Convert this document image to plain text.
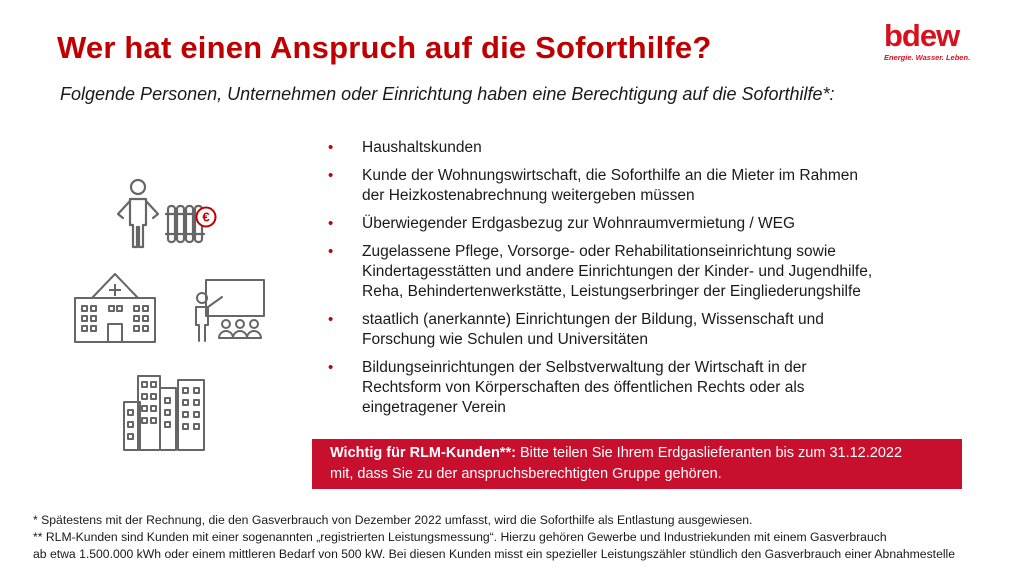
Wer hat einen Anspruch auf die Soforthilfe?	bdew
Energie. Wasser. Leben.
Folgende Personen, Unternehmen oder Einrichtung haben eine Berechtigung auf die Soforthilfe*:
€
• Haushaltskunden
• Kunde der Wohnungswirtschaft, die Soforthilfe an die Mieter im Rahmen
der Heizkostenabrechnung weitergeben müssen
• Überwiegender Erdgasbezug zur Wohnraumvermietung / WEG
• Zugelassene Pflege, Vorsorge- oder Rehabilitationseinrichtung sowie
Kindertagesstätten und andere Einrichtungen der Kinder- und Jugendhilfe,
Reha, Behindertenwerkstätte, Leistungserbringer der Eingliederungshilfe
• staatlich (anerkannte) Einrichtungen der Bildung, Wissenschaft und
Forschung wie Schulen und Universitäten
• Bildungseinrichtungen der Selbstverwaltung der Wirtschaft in der
Rechtsform von Körperschaften des öffentlichen Rechts oder als
eingetragener Verein
Wichtig für RLM-Kunden**: Bitte teilen Sie Ihrem Erdgaslieferanten bis zum 31.12.2022
mit, dass Sie zu der anspruchsberechtigten Gruppe gehören.
* Spätestens mit der Rechnung, die den Gasverbrauch von Dezember 2022 umfasst, wird die Soforthilfe als Entlastung ausgewiesen.
** RLM-Kunden sind Kunden mit einer sogenannten „registrierten Leistungsmessung“. Hierzu gehören Gewerbe und Industriekunden mit einem Gasverbrauch
ab etwa 1.500.000 kWh oder einem mittleren Bedarf von 500 kW. Bei diesen Kunden misst ein spezieller Leistungszähler stündlich den Gasverbrauch einer Abnahmestelle
